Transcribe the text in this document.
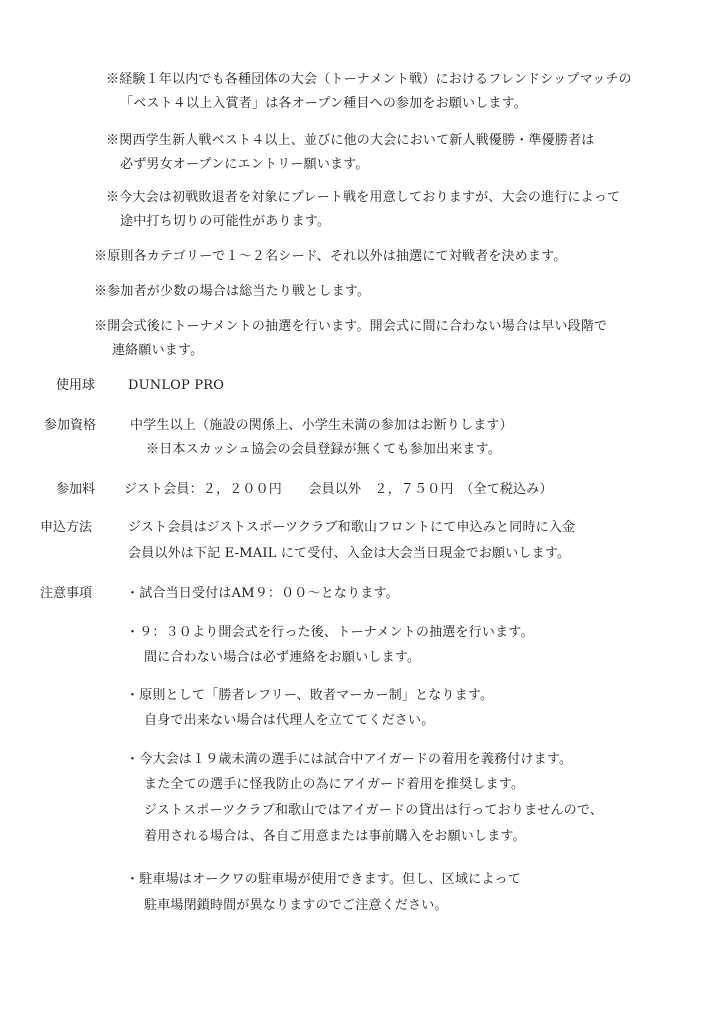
※経験１年以内でも各種団体の大会（トーナメント戦）におけるフレンドシップマッチの
「ベスト４以上入賞者」は各オープン種目への参加をお願いします。
※関西学生新人戦ベスト４以上、並びに他の大会において新人戦優勝・準優勝者は
必ず男女オープンにエントリー願います。
※今大会は初戦敗退者を対象にプレート戦を用意しておりますが、大会の進行によって
途中打ち切りの可能性があります。
※原則各カテゴリーで１〜２名シード、それ以外は抽選にて対戦者を決めます。
※参加者が少数の場合は総当たり戦とします。
※開会式後にトーナメントの抽選を行います。開会式に間に合わない場合は早い段階で
連絡願います。
使用球	DUNLOP PRO
参加資格	中学生以上（施設の関係上、小学生未満の参加はお断りします）
※日本スカッシュ協会の会員登録が無くても参加出来ます。
参加料 ジスト会員：２，２００円　　会員以外　２，７５０円　（全て税込み）
申込方法	ジスト会員はジストスポーツクラブ和歌山フロントにて申込みと同時に入金
会員以外は下記 E-MAIL にて受付、入金は大会当日現金でお願いします。
注意事項	・試合当日受付はAM９：００〜となります。
・９：３０より開会式を行った後、トーナメントの抽選を行います。
間に合わない場合は必ず連絡をお願いします。
・原則として「勝者レフリー、敗者マーカー制」となります。
自身で出来ない場合は代理人を立ててください。
・今大会は１９歳未満の選手には試合中アイガードの着用を義務付けます。
また全ての選手に怪我防止の為にアイガード着用を推奨します。
ジストスポーツクラブ和歌山ではアイガードの貸出は行っておりませんので、
着用される場合は、各自ご用意または事前購入をお願いします。
・駐車場はオークワの駐車場が使用できます。但し、区域によって
駐車場閉鎖時間が異なりますのでご注意ください。
